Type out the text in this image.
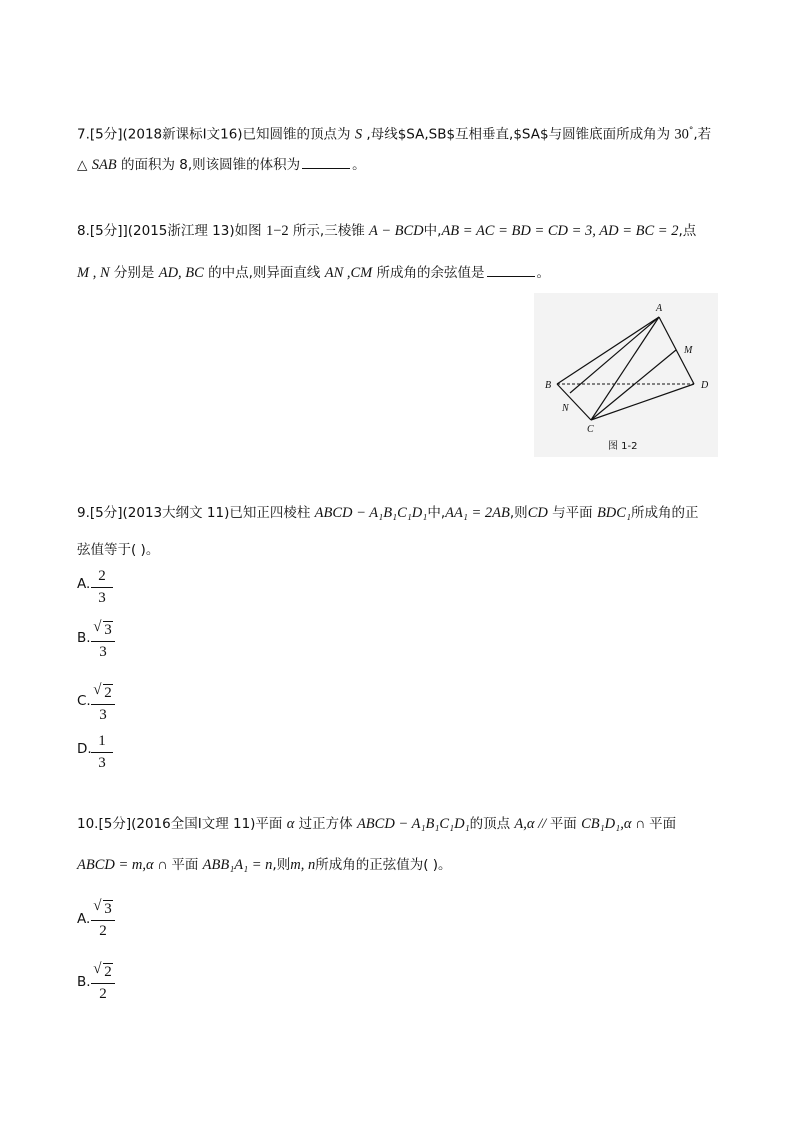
7.[5分](2018新课标Ⅰ文16)已知圆锥的顶点为 S ,母线$SA,SB$互相垂直,$SA$与圆锥底面所成角为 30°,若
△ SAB 的面积为 8,则该圆锥的体积为	。
8.[5分]](2015浙江理 13)如图 1−2 所示,三棱锥 A − BCD中,AB = AC = BD = CD = 3, AD = BC = 2,点
M , N 分别是 AD, BC 的中点,则异面直线 AN ,CM 所成角的余弦值是	。
A
M
B	D
N
C
图 1-2
9.[5分](2013大纲文 11)已知正四棱柱 ABCD − A₁B₁C₁D₁中,AA₁ = 2AB,则CD 与平面 BDC₁所成角的正
弦值等于( )。
A. 2
3
B.
√ 3
3
C.
√ 2
3
D. 1
3
10.[5分](2016全国Ⅰ文理 11)平面 α 过正方体 ABCD − A₁B₁C₁D₁的顶点 A,α // 平面 CB₁D₁,α ∩ 平面
ABCD = m,α ∩ 平面 ABB₁A₁ = n,则m, n所成角的正弦值为( )。
A.
√ 3
2
B.
√ 2
2
